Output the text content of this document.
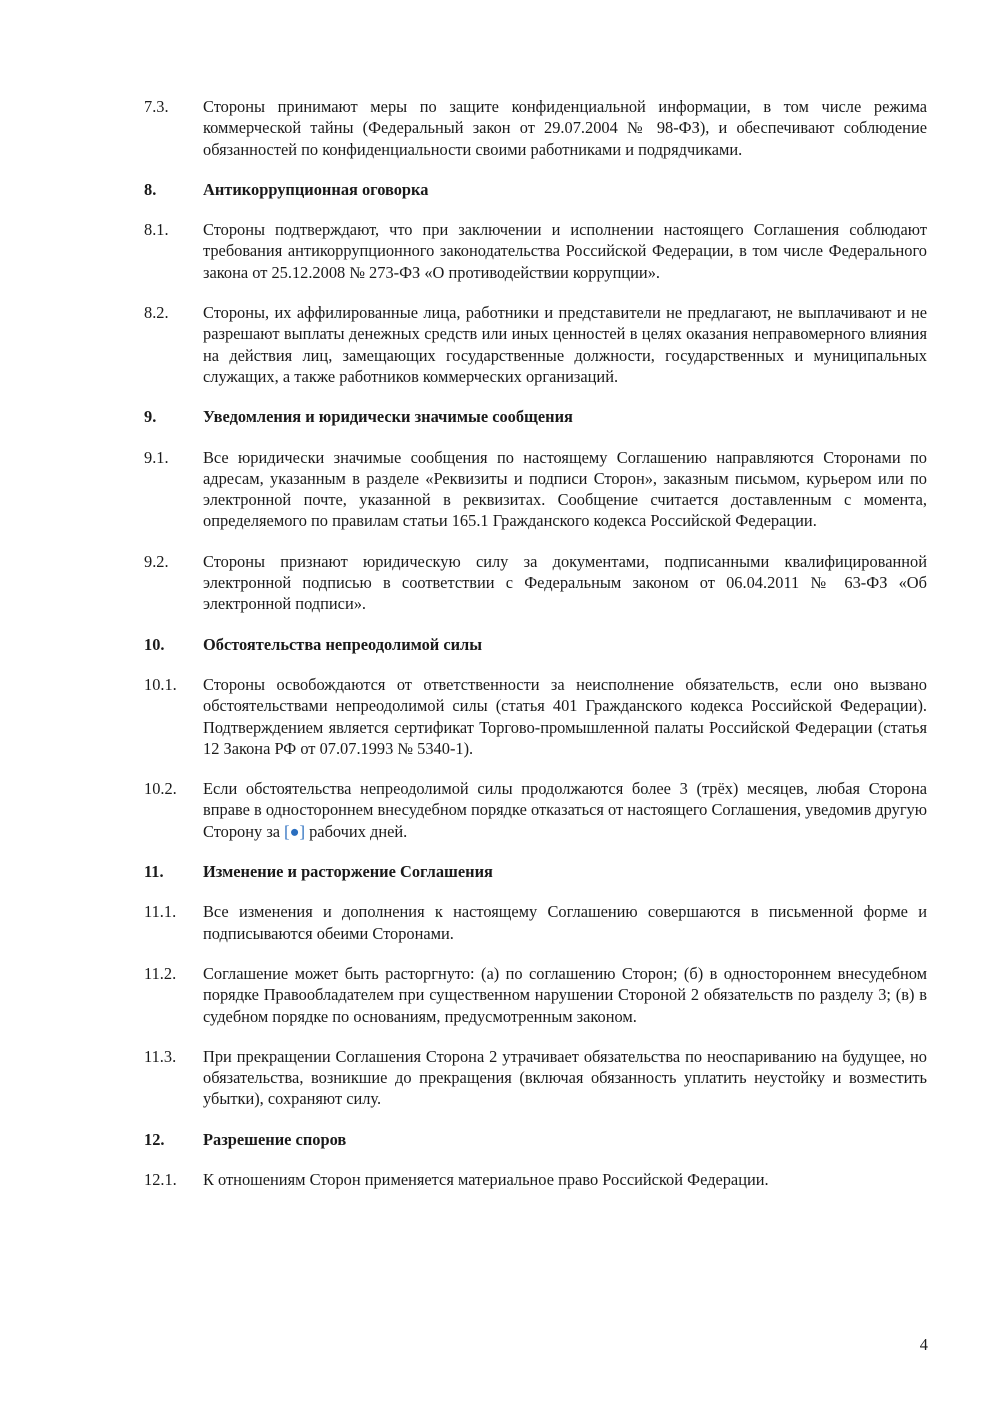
7.3.	Стороны принимают меры по защите конфиденциальной информации, в том числе режима коммерческой тайны (Федеральный закон от 29.07.2004 № 98-ФЗ), и обеспечивают соблюдение обязанностей по конфиденциальности своими работниками и подрядчиками.
8.	Антикоррупционная оговорка
8.1.	Стороны подтверждают, что при заключении и исполнении настоящего Соглашения соблюдают требования антикоррупционного законодательства Российской Федерации, в том числе Федерального закона от 25.12.2008 № 273-ФЗ «О противодействии коррупции».
8.2.	Стороны, их аффилированные лица, работники и представители не предлагают, не выплачивают и не разрешают выплаты денежных средств или иных ценностей в целях оказания неправомерного влияния на действия лиц, замещающих государственные должности, государственных и муниципальных служащих, а также работников коммерческих организаций.
9.	Уведомления и юридически значимые сообщения
9.1.	Все юридически значимые сообщения по настоящему Соглашению направляются Сторонами по адресам, указанным в разделе «Реквизиты и подписи Сторон», заказным письмом, курьером или по электронной почте, указанной в реквизитах. Сообщение считается доставленным с момента, определяемого по правилам статьи 165.1 Гражданского кодекса Российской Федерации.
9.2.	Стороны признают юридическую силу за документами, подписанными квалифицированной электронной подписью в соответствии с Федеральным законом от 06.04.2011 № 63-ФЗ «Об электронной подписи».
10.	Обстоятельства непреодолимой силы
10.1.	Стороны освобождаются от ответственности за неисполнение обязательств, если оно вызвано обстоятельствами непреодолимой силы (статья 401 Гражданского кодекса Российской Федерации). Подтверждением является сертификат Торгово-промышленной палаты Российской Федерации (статья 12 Закона РФ от 07.07.1993 № 5340-1).
10.2.	Если обстоятельства непреодолимой силы продолжаются более 3 (трёх) месяцев, любая Сторона вправе в одностороннем внесудебном порядке отказаться от настоящего Соглашения, уведомив другую Сторону за [●] рабочих дней.
11.	Изменение и расторжение Соглашения
11.1.	Все изменения и дополнения к настоящему Соглашению совершаются в письменной форме и подписываются обеими Сторонами.
11.2.	Соглашение может быть расторгнуто: (а) по соглашению Сторон; (б) в одностороннем внесудебном порядке Правообладателем при существенном нарушении Стороной 2 обязательств по разделу 3; (в) в судебном порядке по основаниям, предусмотренным законом.
11.3.	При прекращении Соглашения Сторона 2 утрачивает обязательства по неоспариванию на будущее, но обязательства, возникшие до прекращения (включая обязанность уплатить неустойку и возместить убытки), сохраняют силу.
12.	Разрешение споров
12.1.	К отношениям Сторон применяется материальное право Российской Федерации.
4
